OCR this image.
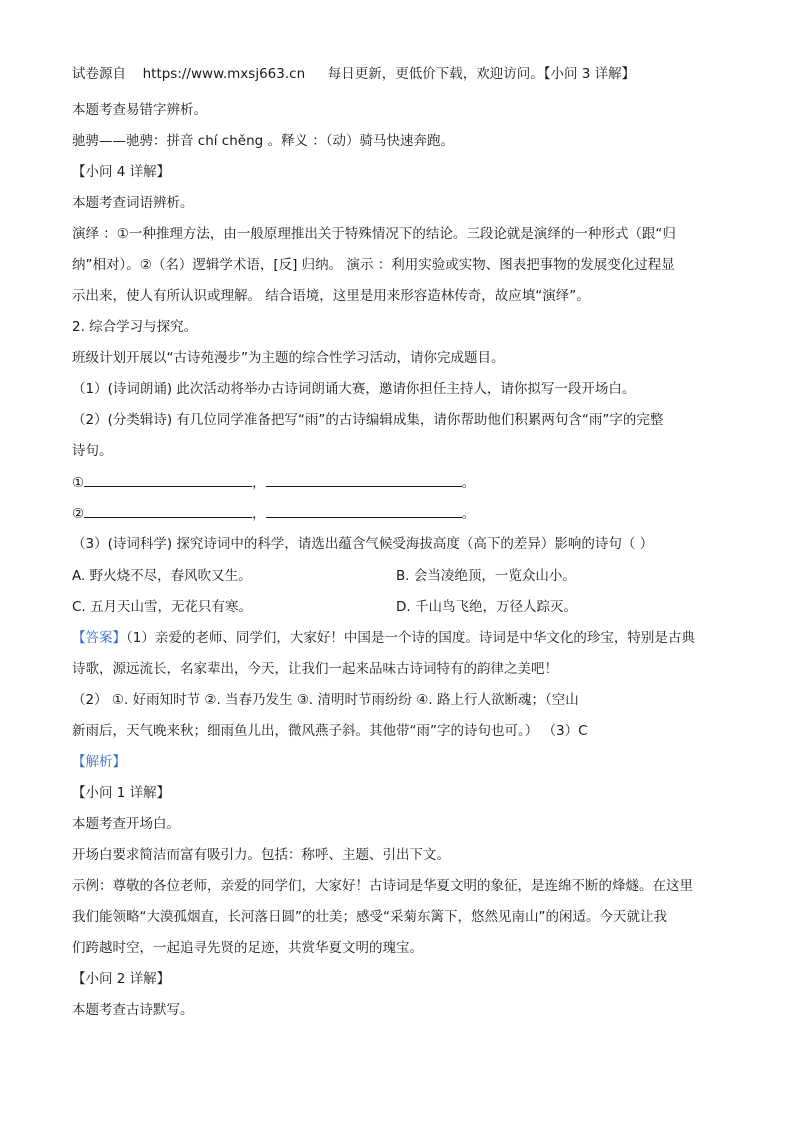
试卷源自 https://www.mxsj663.cn 每日更新，更低价下载，欢迎访问。【小问 3 详解】
本题考查易错字辨析。
驰骋——驰骋：拼音 chí chěng 。释义 ：（动）骑马快速奔跑。
【小问 4 详解】
本题考查词语辨析。
演绎 ：①一种推理方法，由一般原理推出关于特殊情况下的结论。三段论就是演绎的一种形式（跟“归
纳”相对）。②（名）逻辑学术语，[反] 归纳。 演示 ：利用实验或实物、图表把事物的发展变化过程显
示出来，使人有所认识或理解。 结合语境，这里是用来形容造林传奇，故应填“演绎”。
2. 综合学习与探究。
班级计划开展以“古诗苑漫步”为主题的综合性学习活动，请你完成题目。
（1）(诗词朗诵) 此次活动将举办古诗词朗诵大赛，邀请你担任主持人，请你拟写一段开场白。
（2）(分类辑诗) 有几位同学准备把写“雨”的古诗编辑成集，请你帮助他们积累两句含“雨”字的完整
诗句。
①	，	。
②	，	。
（3）(诗词科学) 探究诗词中的科学，请选出蕴含气候受海拔高度（高下的差异）影响的诗句（ ）
A. 野火烧不尽，春风吹又生。	B. 会当凌绝顶，一览众山小。
C. 五月天山雪，无花只有寒。	D. 千山鸟飞绝，万径人踪灭。
【答案】（1）亲爱的老师、同学们，大家好！中国是一个诗的国度。诗词是中华文化的珍宝，特别是古典
诗歌，源远流长，名家辈出，今天，让我们一起来品味古诗词特有的韵律之美吧！
（2） ①. 好雨知时节 ②. 当春乃发生 ③. 清明时节雨纷纷 ④. 路上行人欲断魂；（空山
新雨后，天气晚来秋；细雨鱼儿出，微风燕子斜。其他带“雨”字的诗句也可。） （3）C
【解析】
【小问 1 详解】
本题考查开场白。
开场白要求简洁而富有吸引力。包括：称呼、主题、引出下文。
示例：尊敬的各位老师，亲爱的同学们，大家好！古诗词是华夏文明的象征，是连绵不断的烽燧。在这里
我们能领略“大漠孤烟直，长河落日圆”的壮美；感受“采菊东篱下，悠然见南山”的闲适。今天就让我
们跨越时空，一起追寻先贤的足迹，共赏华夏文明的瑰宝。
【小问 2 详解】
本题考查古诗默写。
